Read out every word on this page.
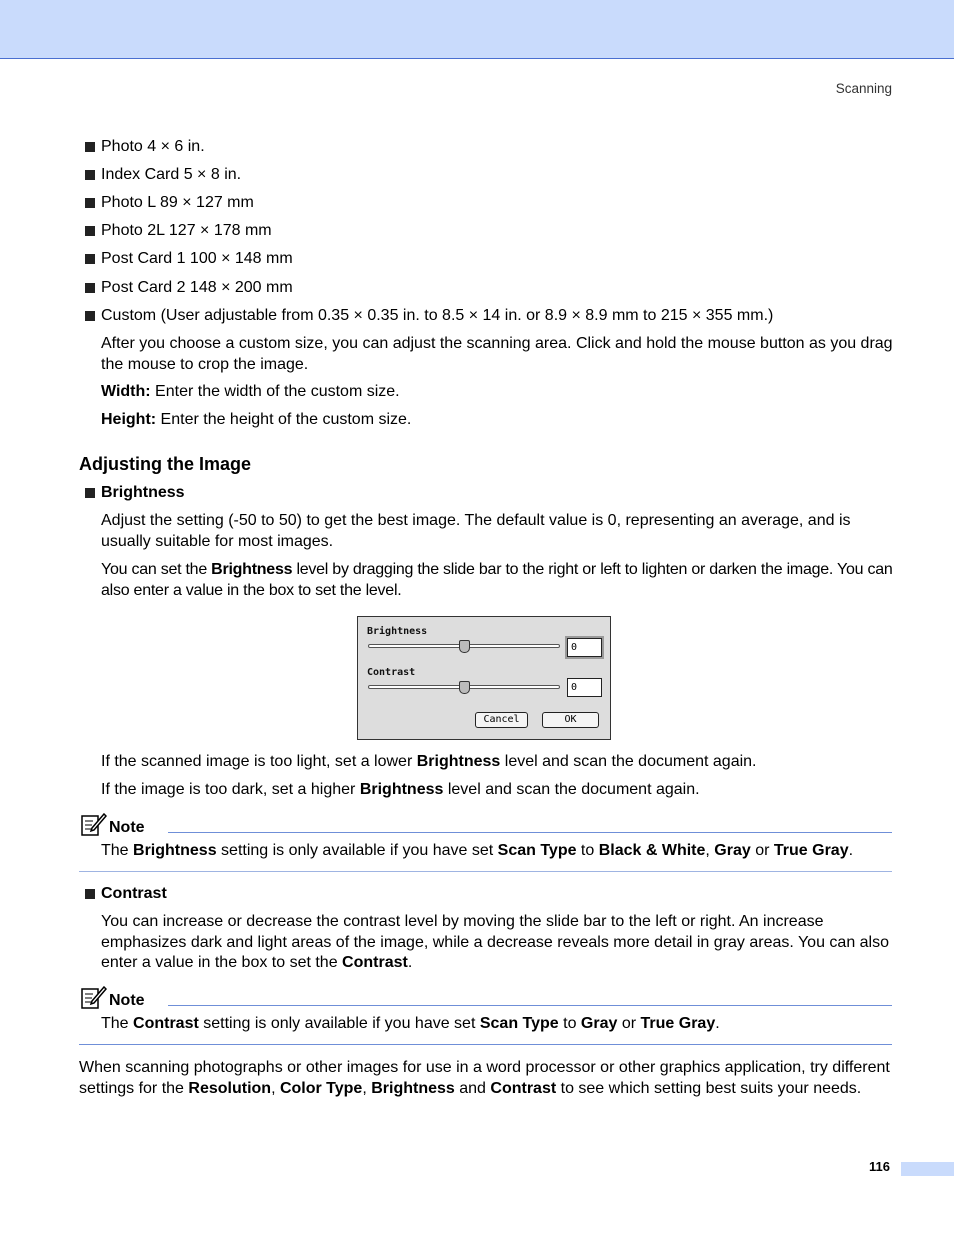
Scanning
Photo 4 × 6 in.
Index Card 5 × 8 in.
Photo L 89 × 127 mm
Photo 2L 127 × 178 mm
Post Card 1 100 × 148 mm
Post Card 2 148 × 200 mm
Custom (User adjustable from 0.35 × 0.35 in. to 8.5 × 14 in. or 8.9 × 8.9 mm to 215 × 355 mm.)
After you choose a custom size, you can adjust the scanning area. Click and hold the mouse button as you drag the mouse to crop the image.
Width: Enter the width of the custom size.
Height: Enter the height of the custom size.
Adjusting the Image
Brightness
Adjust the setting (-50 to 50) to get the best image. The default value is 0, representing an average, and is usually suitable for most images.
You can set the Brightness level by dragging the slide bar to the right or left to lighten or darken the image. You can also enter a value in the box to set the level.
Brightness
0
Contrast
0
Cancel	OK
If the scanned image is too light, set a lower Brightness level and scan the document again.
If the image is too dark, set a higher Brightness level and scan the document again.
Note
The Brightness setting is only available if you have set Scan Type to Black & White, Gray or True Gray.
Contrast
You can increase or decrease the contrast level by moving the slide bar to the left or right. An increase emphasizes dark and light areas of the image, while a decrease reveals more detail in gray areas. You can also enter a value in the box to set the Contrast.
Note
The Contrast setting is only available if you have set Scan Type to Gray or True Gray.
When scanning photographs or other images for use in a word processor or other graphics application, try different settings for the Resolution, Color Type, Brightness and Contrast to see which setting best suits your needs.
116
